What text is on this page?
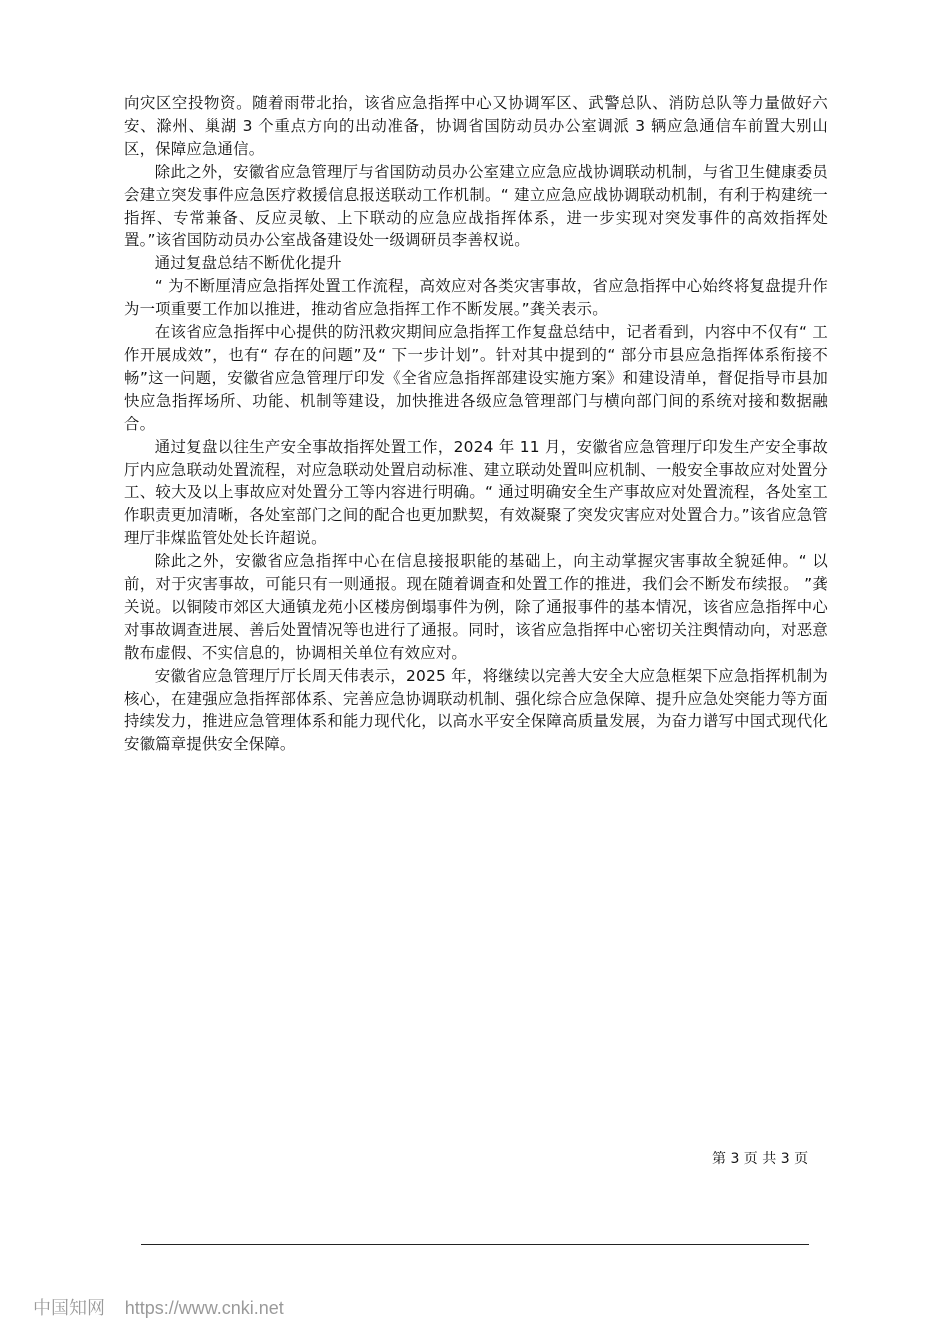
向灾区空投物资。随着雨带北抬，该省应急指挥中心又协调军区、武警总队、消防总队等力量做好六安、滁州、巢湖 3 个重点方向的出动准备，协调省国防动员办公室调派 3 辆应急通信车前置大别山区，保障应急通信。

除此之外，安徽省应急管理厅与省国防动员办公室建立应急应战协调联动机制，与省卫生健康委员会建立突发事件应急医疗救援信息报送联动工作机制。“ 建立应急应战协调联动机制，有利于构建统一指挥、专常兼备、反应灵敏、上下联动的应急应战指挥体系，进一步实现对突发事件的高效指挥处置。”该省国防动员办公室战备建设处一级调研员李善权说。

通过复盘总结不断优化提升

“ 为不断厘清应急指挥处置工作流程，高效应对各类灾害事故，省应急指挥中心始终将复盘提升作为一项重要工作加以推进，推动省应急指挥工作不断发展。”龚关表示。

在该省应急指挥中心提供的防汛救灾期间应急指挥工作复盘总结中，记者看到，内容中不仅有“ 工作开展成效”，也有“ 存在的问题”及“ 下一步计划”。针对其中提到的“ 部分市县应急指挥体系衔接不畅”这一问题，安徽省应急管理厅印发《全省应急指挥部建设实施方案》和建设清单，督促指导市县加快应急指挥场所、功能、机制等建设，加快推进各级应急管理部门与横向部门间的系统对接和数据融合。

通过复盘以往生产安全事故指挥处置工作，2024 年 11 月，安徽省应急管理厅印发生产安全事故厅内应急联动处置流程，对应急联动处置启动标准、建立联动处置叫应机制、一般安全事故应对处置分工、较大及以上事故应对处置分工等内容进行明确。“ 通过明确安全生产事故应对处置流程，各处室工作职责更加清晰，各处室部门之间的配合也更加默契，有效凝聚了突发灾害应对处置合力。”该省应急管理厅非煤监管处处长许超说。

除此之外，安徽省应急指挥中心在信息接报职能的基础上，向主动掌握灾害事故全貌延伸。“ 以前，对于灾害事故，可能只有一则通报。现在随着调查和处置工作的推进，我们会不断发布续报。 ”龚关说。以铜陵市郊区大通镇龙苑小区楼房倒塌事件为例，除了通报事件的基本情况，该省应急指挥中心对事故调查进展、善后处置情况等也进行了通报。同时，该省应急指挥中心密切关注舆情动向，对恶意散布虚假、不实信息的，协调相关单位有效应对。

安徽省应急管理厅厅长周天伟表示，2025 年，将继续以完善大安全大应急框架下应急指挥机制为核心，在建强应急指挥部体系、完善应急协调联动机制、强化综合应急保障、提升应急处突能力等方面持续发力，推进应急管理体系和能力现代化，以高水平安全保障高质量发展，为奋力谱写中国式现代化安徽篇章提供安全保障。

第 3 页 共 3 页
中国知网 https://www.cnki.net
